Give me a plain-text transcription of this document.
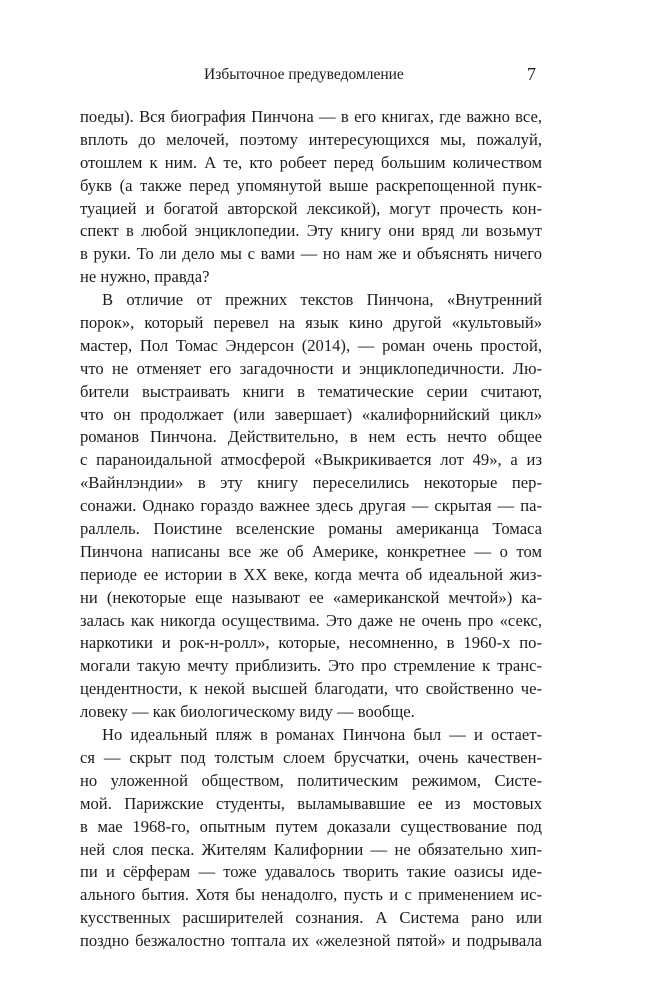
Избыточное предуведомление	7
поеды). Вся биография Пинчона — в его книгах, где важно все,
вплоть до мелочей, поэтому интересующихся мы, пожалуй,
отошлем к ним. А те, кто робеет перед большим количеством
букв (а также перед упомянутой выше раскрепощенной пунк-
туацией и богатой авторской лексикой), могут прочесть кон-
спект в любой энциклопедии. Эту книгу они вряд ли возьмут
в руки. То ли дело мы с вами — но нам же и объяснять ничего
не нужно, правда?
В отличие от прежних текстов Пинчона, «Внутренний
порок», который перевел на язык кино другой «культовый»
мастер, Пол Томас Эндерсон (2014), — роман очень простой,
что не отменяет его загадочности и энциклопедичности. Лю-
бители выстраивать книги в тематические серии считают,
что он продолжает (или завершает) «калифорнийский цикл»
романов Пинчона. Действительно, в нем есть нечто общее
с параноидальной атмосферой «Выкрикивается лот 49», а из
«Вайнлэндии» в эту книгу переселились некоторые пер-
сонажи. Однако гораздо важнее здесь другая — скрытая — па-
раллель. Поистине вселенские романы американца Томаса
Пинчона написаны все же об Америке, конкретнее — о том
периоде ее истории в XX веке, когда мечта об идеальной жиз-
ни (некоторые еще называют ее «американской мечтой») ка-
залась как никогда осуществима. Это даже не очень про «секс,
наркотики и рок-н-ролл», которые, несомненно, в 1960-х по-
могали такую мечту приблизить. Это про стремление к транс-
цендентности, к некой высшей благодати, что свойственно че-
ловеку — как биологическому виду — вообще.
Но идеальный пляж в романах Пинчона был — и остает-
ся — скрыт под толстым слоем брусчатки, очень качествен-
но уложенной обществом, политическим режимом, Систе-
мой. Парижские студенты, выламывавшие ее из мостовых
в мае 1968-го, опытным путем доказали существование под
ней слоя песка. Жителям Калифорнии — не обязательно хип-
пи и сёрферам — тоже удавалось творить такие оазисы иде-
ального бытия. Хотя бы ненадолго, пусть и с применением ис-
кусственных расширителей сознания. А Система рано или
поздно безжалостно топтала их «железной пятой» и подрывала
